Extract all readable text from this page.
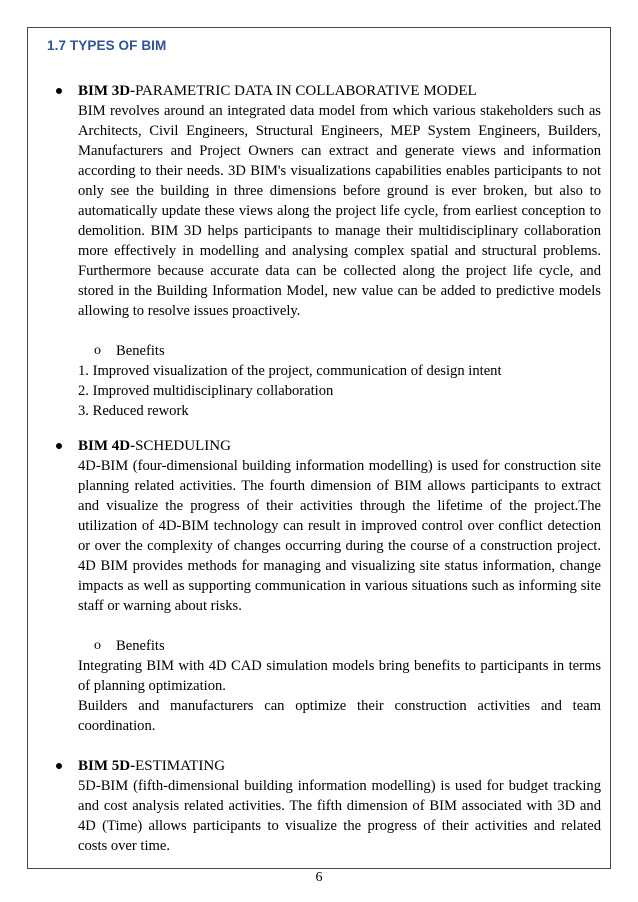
1.7 TYPES OF BIM
BIM 3D-PARAMETRIC DATA IN COLLABORATIVE MODEL

BIM revolves around an integrated data model from which various stakeholders such as Architects, Civil Engineers, Structural Engineers, MEP System Engineers, Builders, Manufacturers and Project Owners can extract and generate views and information according to their needs. 3D BIM's visualizations capabilities enables participants to not only see the building in three dimensions before ground is ever broken, but also to automatically update these views along the project life cycle, from earliest conception to demolition. BIM 3D helps participants to manage their multidisciplinary collaboration more effectively in modelling and analysing complex spatial and structural problems. Furthermore because accurate data can be collected along the project life cycle, and stored in the Building Information Model, new value can be added to predictive models allowing to resolve issues proactively.

o Benefits
1. Improved visualization of the project, communication of design intent
2. Improved multidisciplinary collaboration
3. Reduced rework
BIM 4D-SCHEDULING

4D-BIM (four-dimensional building information modelling) is used for construction site planning related activities. The fourth dimension of BIM allows participants to extract and visualize the progress of their activities through the lifetime of the project.The utilization of 4D-BIM technology can result in improved control over conflict detection or over the complexity of changes occurring during the course of a construction project. 4D BIM provides methods for managing and visualizing site status information, change impacts as well as supporting communication in various situations such as informing site staff or warning about risks.

o Benefits

Integrating BIM with 4D CAD simulation models bring benefits to participants in terms of planning optimization.

Builders and manufacturers can optimize their construction activities and team coordination.

BIM 5D-ESTIMATING

5D-BIM (fifth-dimensional building information modelling) is used for budget tracking and cost analysis related activities. The fifth dimension of BIM associated with 3D and 4D (Time) allows participants to visualize the progress of their activities and related costs over time.

6
